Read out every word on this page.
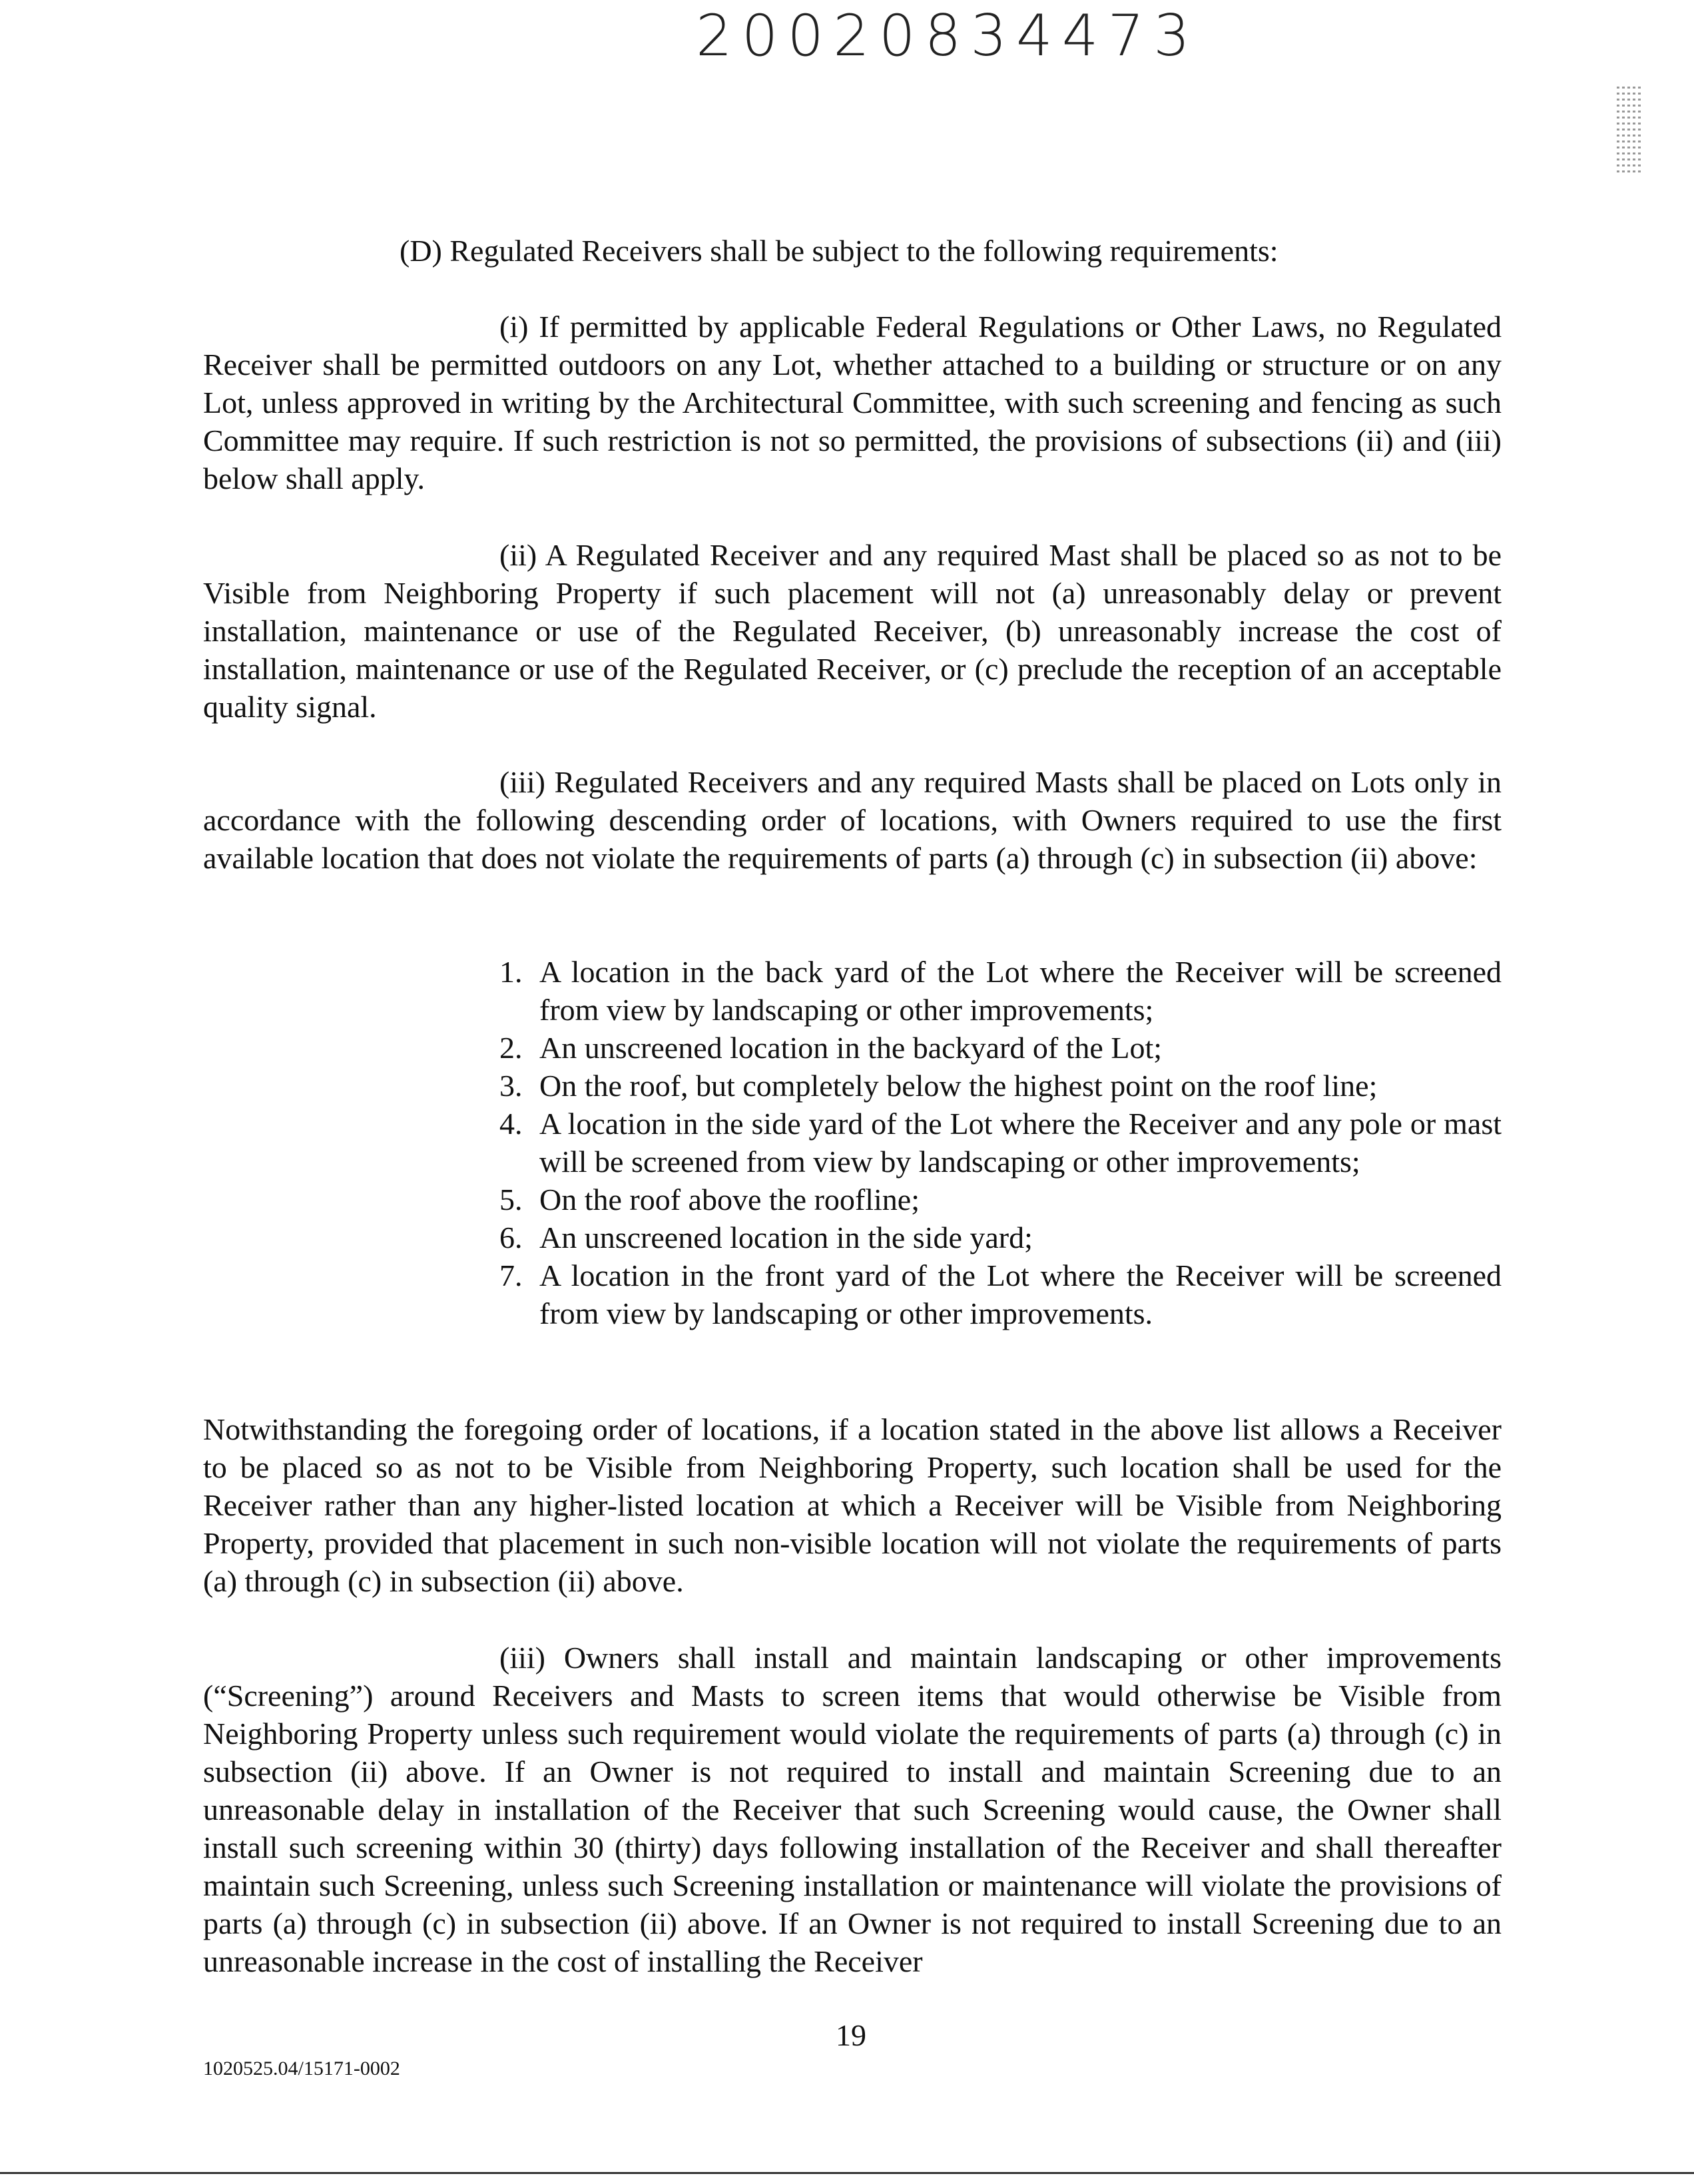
20020834473
(D) Regulated Receivers shall be subject to the following requirements:

(i) If permitted by applicable Federal Regulations or Other Laws, no Regulated Receiver shall be permitted outdoors on any Lot, whether attached to a building or structure or on any Lot, unless approved in writing by the Architectural Committee, with such screening and fencing as such Committee may require. If such restriction is not so permitted, the provisions of subsections (ii) and (iii) below shall apply.

(ii) A Regulated Receiver and any required Mast shall be placed so as not to be Visible from Neighboring Property if such placement will not (a) unreasonably delay or prevent installation, maintenance or use of the Regulated Receiver, (b) unreasonably increase the cost of installation, maintenance or use of the Regulated Receiver, or (c) preclude the reception of an acceptable quality signal.

(iii) Regulated Receivers and any required Masts shall be placed on Lots only in accordance with the following descending order of locations, with Owners required to use the first available location that does not violate the requirements of parts (a) through (c) in subsection (ii) above:

1. A location in the back yard of the Lot where the Receiver will be screened from view by landscaping or other improvements;
2. An unscreened location in the backyard of the Lot;
3. On the roof, but completely below the highest point on the roof line;
4. A location in the side yard of the Lot where the Receiver and any pole or mast will be screened from view by landscaping or other improvements;
5. On the roof above the roofline;
6. An unscreened location in the side yard;
7. A location in the front yard of the Lot where the Receiver will be screened from view by landscaping or other improvements.

Notwithstanding the foregoing order of locations, if a location stated in the above list allows a Receiver to be placed so as not to be Visible from Neighboring Property, such location shall be used for the Receiver rather than any higher-listed location at which a Receiver will be Visible from Neighboring Property, provided that placement in such non-visible location will not violate the requirements of parts (a) through (c) in subsection (ii) above.

(iii) Owners shall install and maintain landscaping or other improvements (“Screening”) around Receivers and Masts to screen items that would otherwise be Visible from Neighboring Property unless such requirement would violate the requirements of parts (a) through (c) in subsection (ii) above. If an Owner is not required to install and maintain Screening due to an unreasonable delay in installation of the Receiver that such Screening would cause, the Owner shall install such screening within 30 (thirty) days following installation of the Receiver and shall thereafter maintain such Screening, unless such Screening installation or maintenance will violate the provisions of parts (a) through (c) in subsection (ii) above. If an Owner is not required to install Screening due to an unreasonable increase in the cost of installing the Receiver

19
1020525.04/15171-0002
